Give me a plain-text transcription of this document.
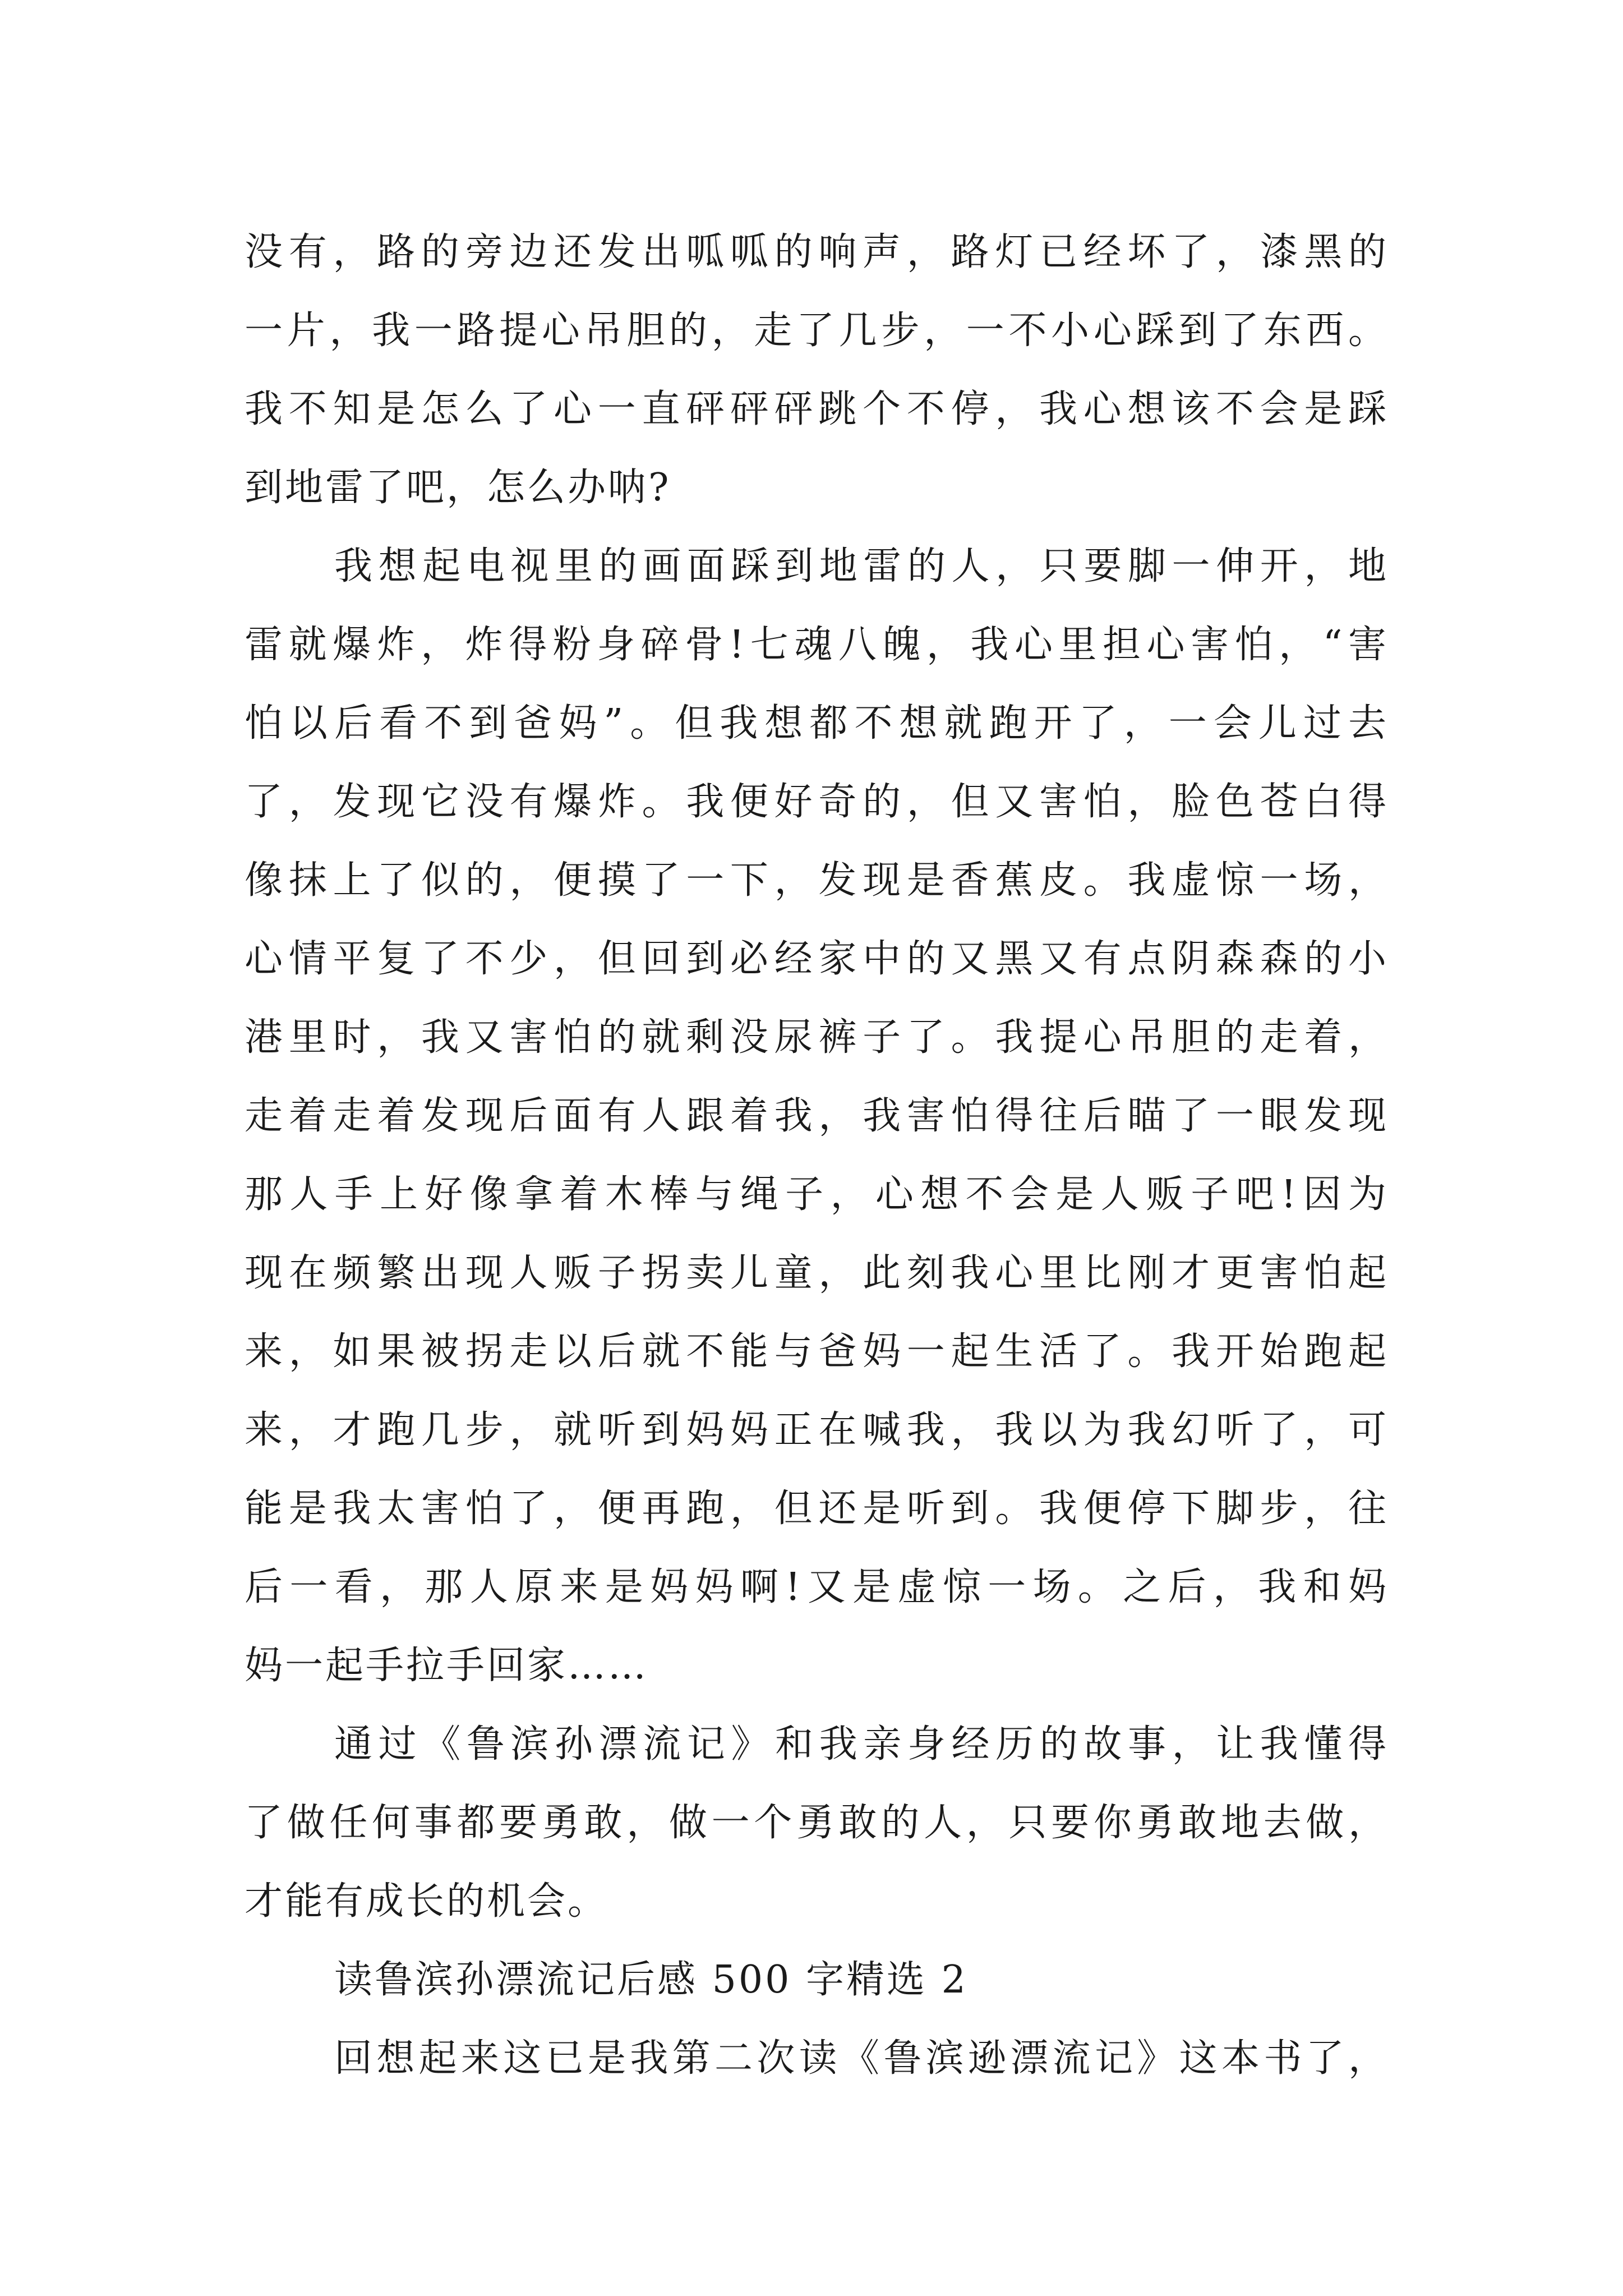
没有，路的旁边还发出呱呱的响声，路灯已经坏了，漆黑的
一片，我一路提心吊胆的，走了几步，一不小心踩到了东西。
我不知是怎么了心一直砰砰砰跳个不停，我心想该不会是踩
到地雷了吧，怎么办呐?
我想起电视里的画面踩到地雷的人，只要脚一伸开，地
雷就爆炸，炸得粉身碎骨!七魂八魄，我心里担心害怕，“害
怕以后看不到爸妈”。但我想都不想就跑开了，一会儿过去
了，发现它没有爆炸。我便好奇的，但又害怕，脸色苍白得
像抹上了似的，便摸了一下，发现是香蕉皮。我虚惊一场，
心情平复了不少，但回到必经家中的又黑又有点阴森森的小
港里时，我又害怕的就剩没尿裤子了。我提心吊胆的走着，
走着走着发现后面有人跟着我，我害怕得往后瞄了一眼发现
那人手上好像拿着木棒与绳子，心想不会是人贩子吧!因为
现在频繁出现人贩子拐卖儿童，此刻我心里比刚才更害怕起
来，如果被拐走以后就不能与爸妈一起生活了。我开始跑起
来，才跑几步，就听到妈妈正在喊我，我以为我幻听了，可
能是我太害怕了，便再跑，但还是听到。我便停下脚步，往
后一看，那人原来是妈妈啊!又是虚惊一场。之后，我和妈
妈一起手拉手回家……
通过《鲁滨孙漂流记》和我亲身经历的故事，让我懂得
了做任何事都要勇敢，做一个勇敢的人，只要你勇敢地去做，
才能有成长的机会。
读鲁滨孙漂流记后感 500 字精选 2
回想起来这已是我第二次读《鲁滨逊漂流记》这本书了，
